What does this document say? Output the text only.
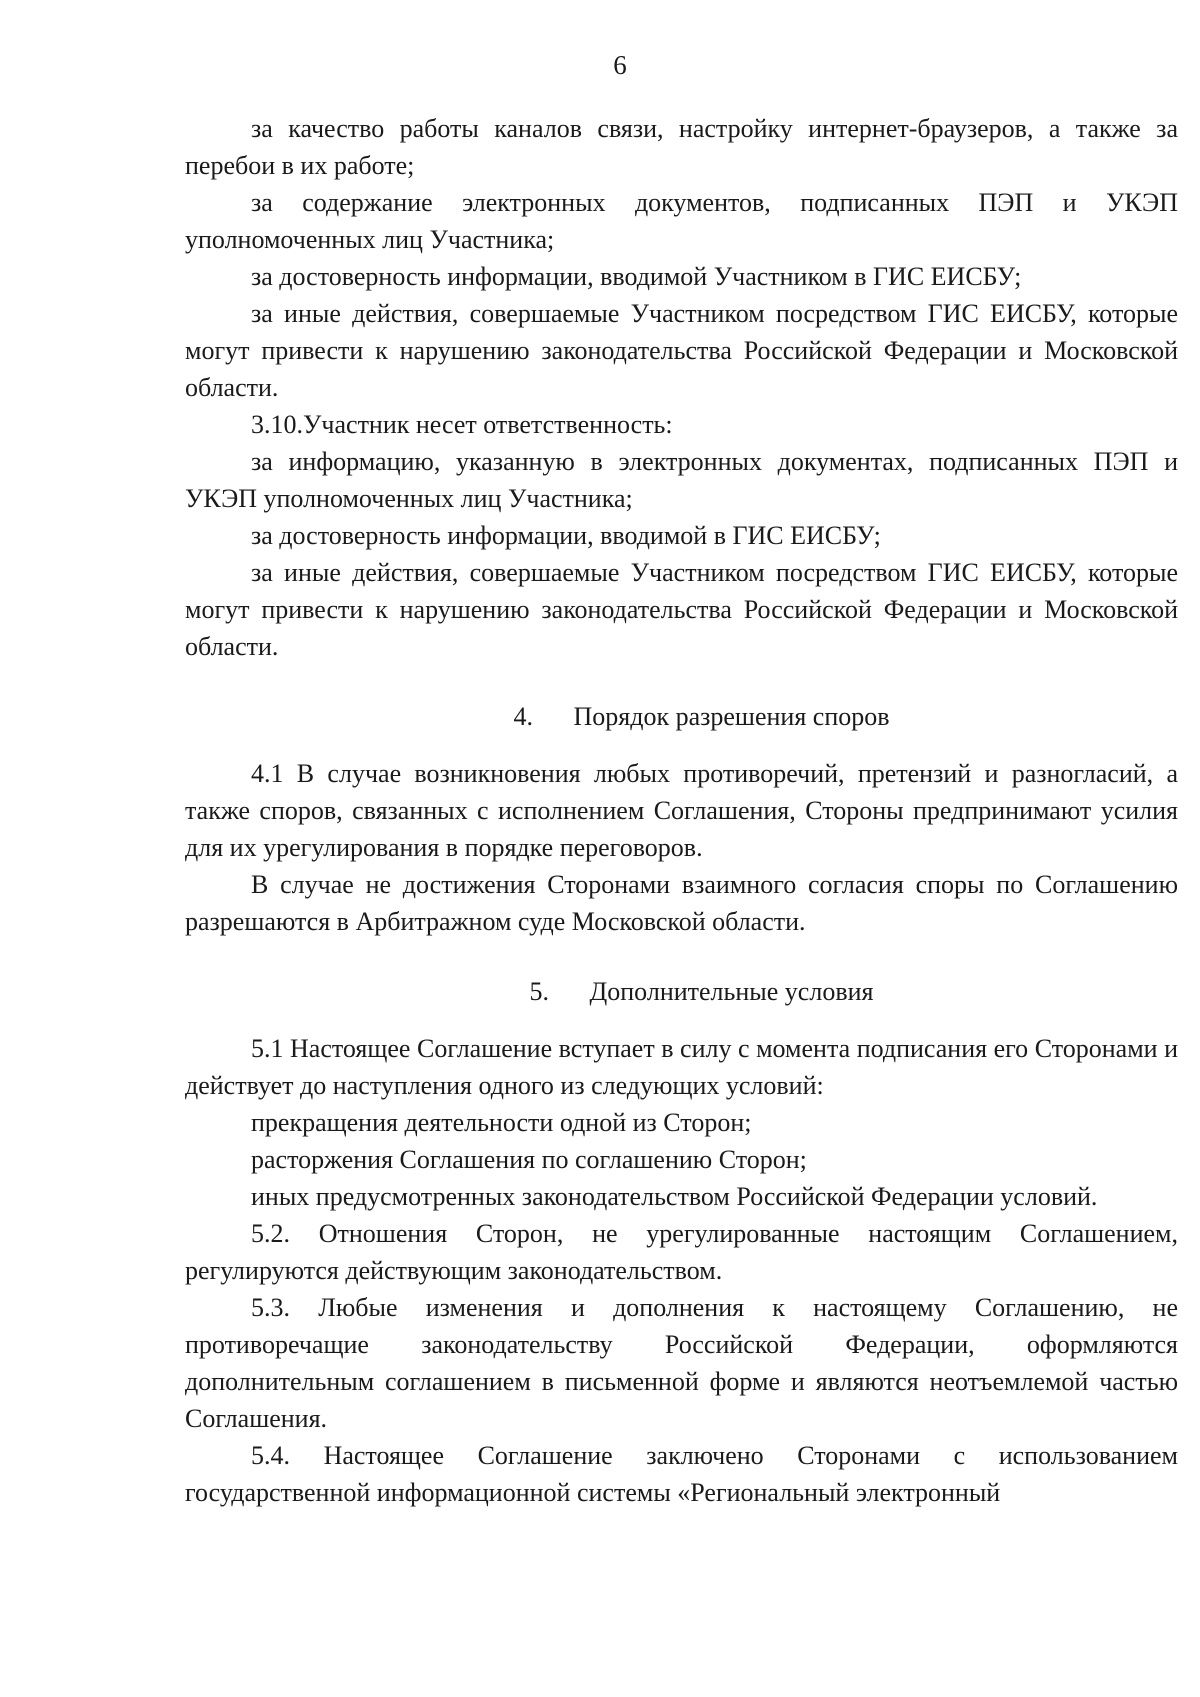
6

за качество работы каналов связи, настройку интернет-браузеров, а также за перебои в их работе;

за содержание электронных документов, подписанных ПЭП и УКЭП уполномоченных лиц Участника;

за достоверность информации, вводимой Участником в ГИС ЕИСБУ;

за иные действия, совершаемые Участником посредством ГИС ЕИСБУ, которые могут привести к нарушению законодательства Российской Федерации и Московской области.

3.10.Участник несет ответственность:

за информацию, указанную в электронных документах, подписанных ПЭП и УКЭП уполномоченных лиц Участника;

за достоверность информации, вводимой в ГИС ЕИСБУ;

за иные действия, совершаемые Участником посредством ГИС ЕИСБУ, которые могут привести к нарушению законодательства Российской Федерации и Московской области.

4. Порядок разрешения споров

4.1 В случае возникновения любых противоречий, претензий и разногласий, а также споров, связанных с исполнением Соглашения, Стороны предпринимают усилия для их урегулирования в порядке переговоров.

В случае не достижения Сторонами взаимного согласия споры по Соглашению разрешаются в Арбитражном суде Московской области.

5. Дополнительные условия

5.1 Настоящее Соглашение вступает в силу с момента подписания его Сторонами и действует до наступления одного из следующих условий:

прекращения деятельности одной из Сторон;

расторжения Соглашения по соглашению Сторон;

иных предусмотренных законодательством Российской Федерации условий.

5.2. Отношения Сторон, не урегулированные настоящим Соглашением, регулируются действующим законодательством.

5.3. Любые изменения и дополнения к настоящему Соглашению, не противоречащие законодательству Российской Федерации, оформляются дополнительным соглашением в письменной форме и являются неотъемлемой частью Соглашения.

5.4. Настоящее Соглашение заключено Сторонами с использованием государственной информационной системы «Региональный электронный
